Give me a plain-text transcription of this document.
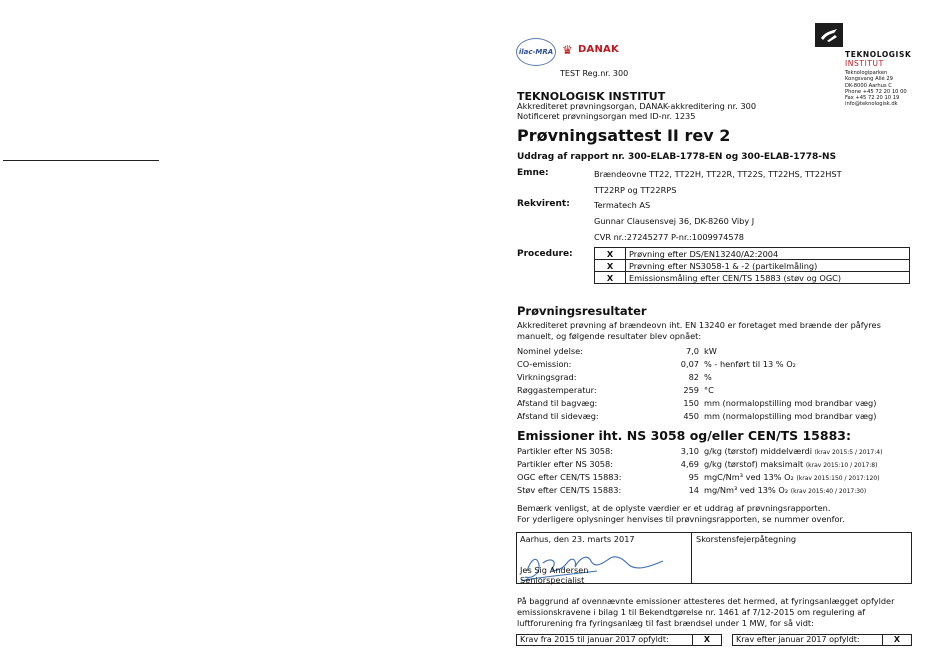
ilac-MRA ♛ DANAK
TEST Reg.nr. 300
TEKNOLOGISK
INSTITUT
Teknologiparken
Kongsvang Allé 29
DK-8000 Aarhus C
Phone +45 72 20 10 00
Fax +45 72 20 10 19
info@teknologisk.dk
TEKNOLOGISK INSTITUT
Akkrediteret prøvningsorgan, DANAK-akkreditering nr. 300
Notificeret prøvningsorgan med ID-nr. 1235
Prøvningsattest II rev 2
Uddrag af rapport nr. 300-ELAB-1778-EN og 300-ELAB-1778-NS
Emne:	Brændeovne TT22, TT22H, TT22R, TT22S, TT22HS, TT22HST
TT22RP og TT22RPS
Rekvirent:	Termatech AS
Gunnar Clausensvej 36, DK-8260 Viby J
CVR nr.:27245277 P-nr.:1009974578
Procedure:	X	Prøvning efter DS/EN13240/A2:2004
X	Prøvning efter NS3058-1 & -2 (partikelmåling)
X	Emissionsmåling efter CEN/TS 15883 (støv og OGC)
Prøvningsresultater
Akkrediteret prøvning af brændeovn iht. EN 13240 er foretaget med brænde der påfyres
manuelt, og følgende resultater blev opnået:
Nominel ydelse:	7,0 kW
CO-emission:	0,07 % - henført til 13 % O₂
Virkningsgrad:	82 %
Røggastemperatur:	259 °C
Afstand til bagvæg:	150 mm (normalopstilling mod brandbar væg)
Afstand til sidevæg:	450 mm (normalopstilling mod brandbar væg)
Emissioner iht. NS 3058 og/eller CEN/TS 15883:
Partikler efter NS 3058:	3,10 g/kg (tørstof) middelværdi (krav 2015:5 / 2017:4)
Partikler efter NS 3058:	4,69 g/kg (tørstof) maksimalt (krav 2015:10 / 2017:8)
OGC efter CEN/TS 15883:	95 mgC/Nm³ ved 13% O₂ (krav 2015:150 / 2017:120)
Støv efter CEN/TS 15883:	14 mg/Nm³ ved 13% O₂ (krav 2015:40 / 2017:30)
Bemærk venligst, at de oplyste værdier er et uddrag af prøvningsrapporten.
For yderligere oplysninger henvises til prøvningsrapporten, se nummer ovenfor.
Aarhus, den 23. marts 2017	Skorstensfejerpåtegning
Jes Sig Andersen
Seniorspecialist
På baggrund af ovennævnte emissioner attesteres det hermed, at fyringsanlægget opfylder
emissionskravene i bilag 1 til Bekendtgørelse nr. 1461 af 7/12-2015 om regulering af
luftforurening fra fyringsanlæg til fast brændsel under 1 MW, for så vidt:
Krav fra 2015 til januar 2017 opfyldt:	X	Krav efter januar 2017 opfyldt:	X
